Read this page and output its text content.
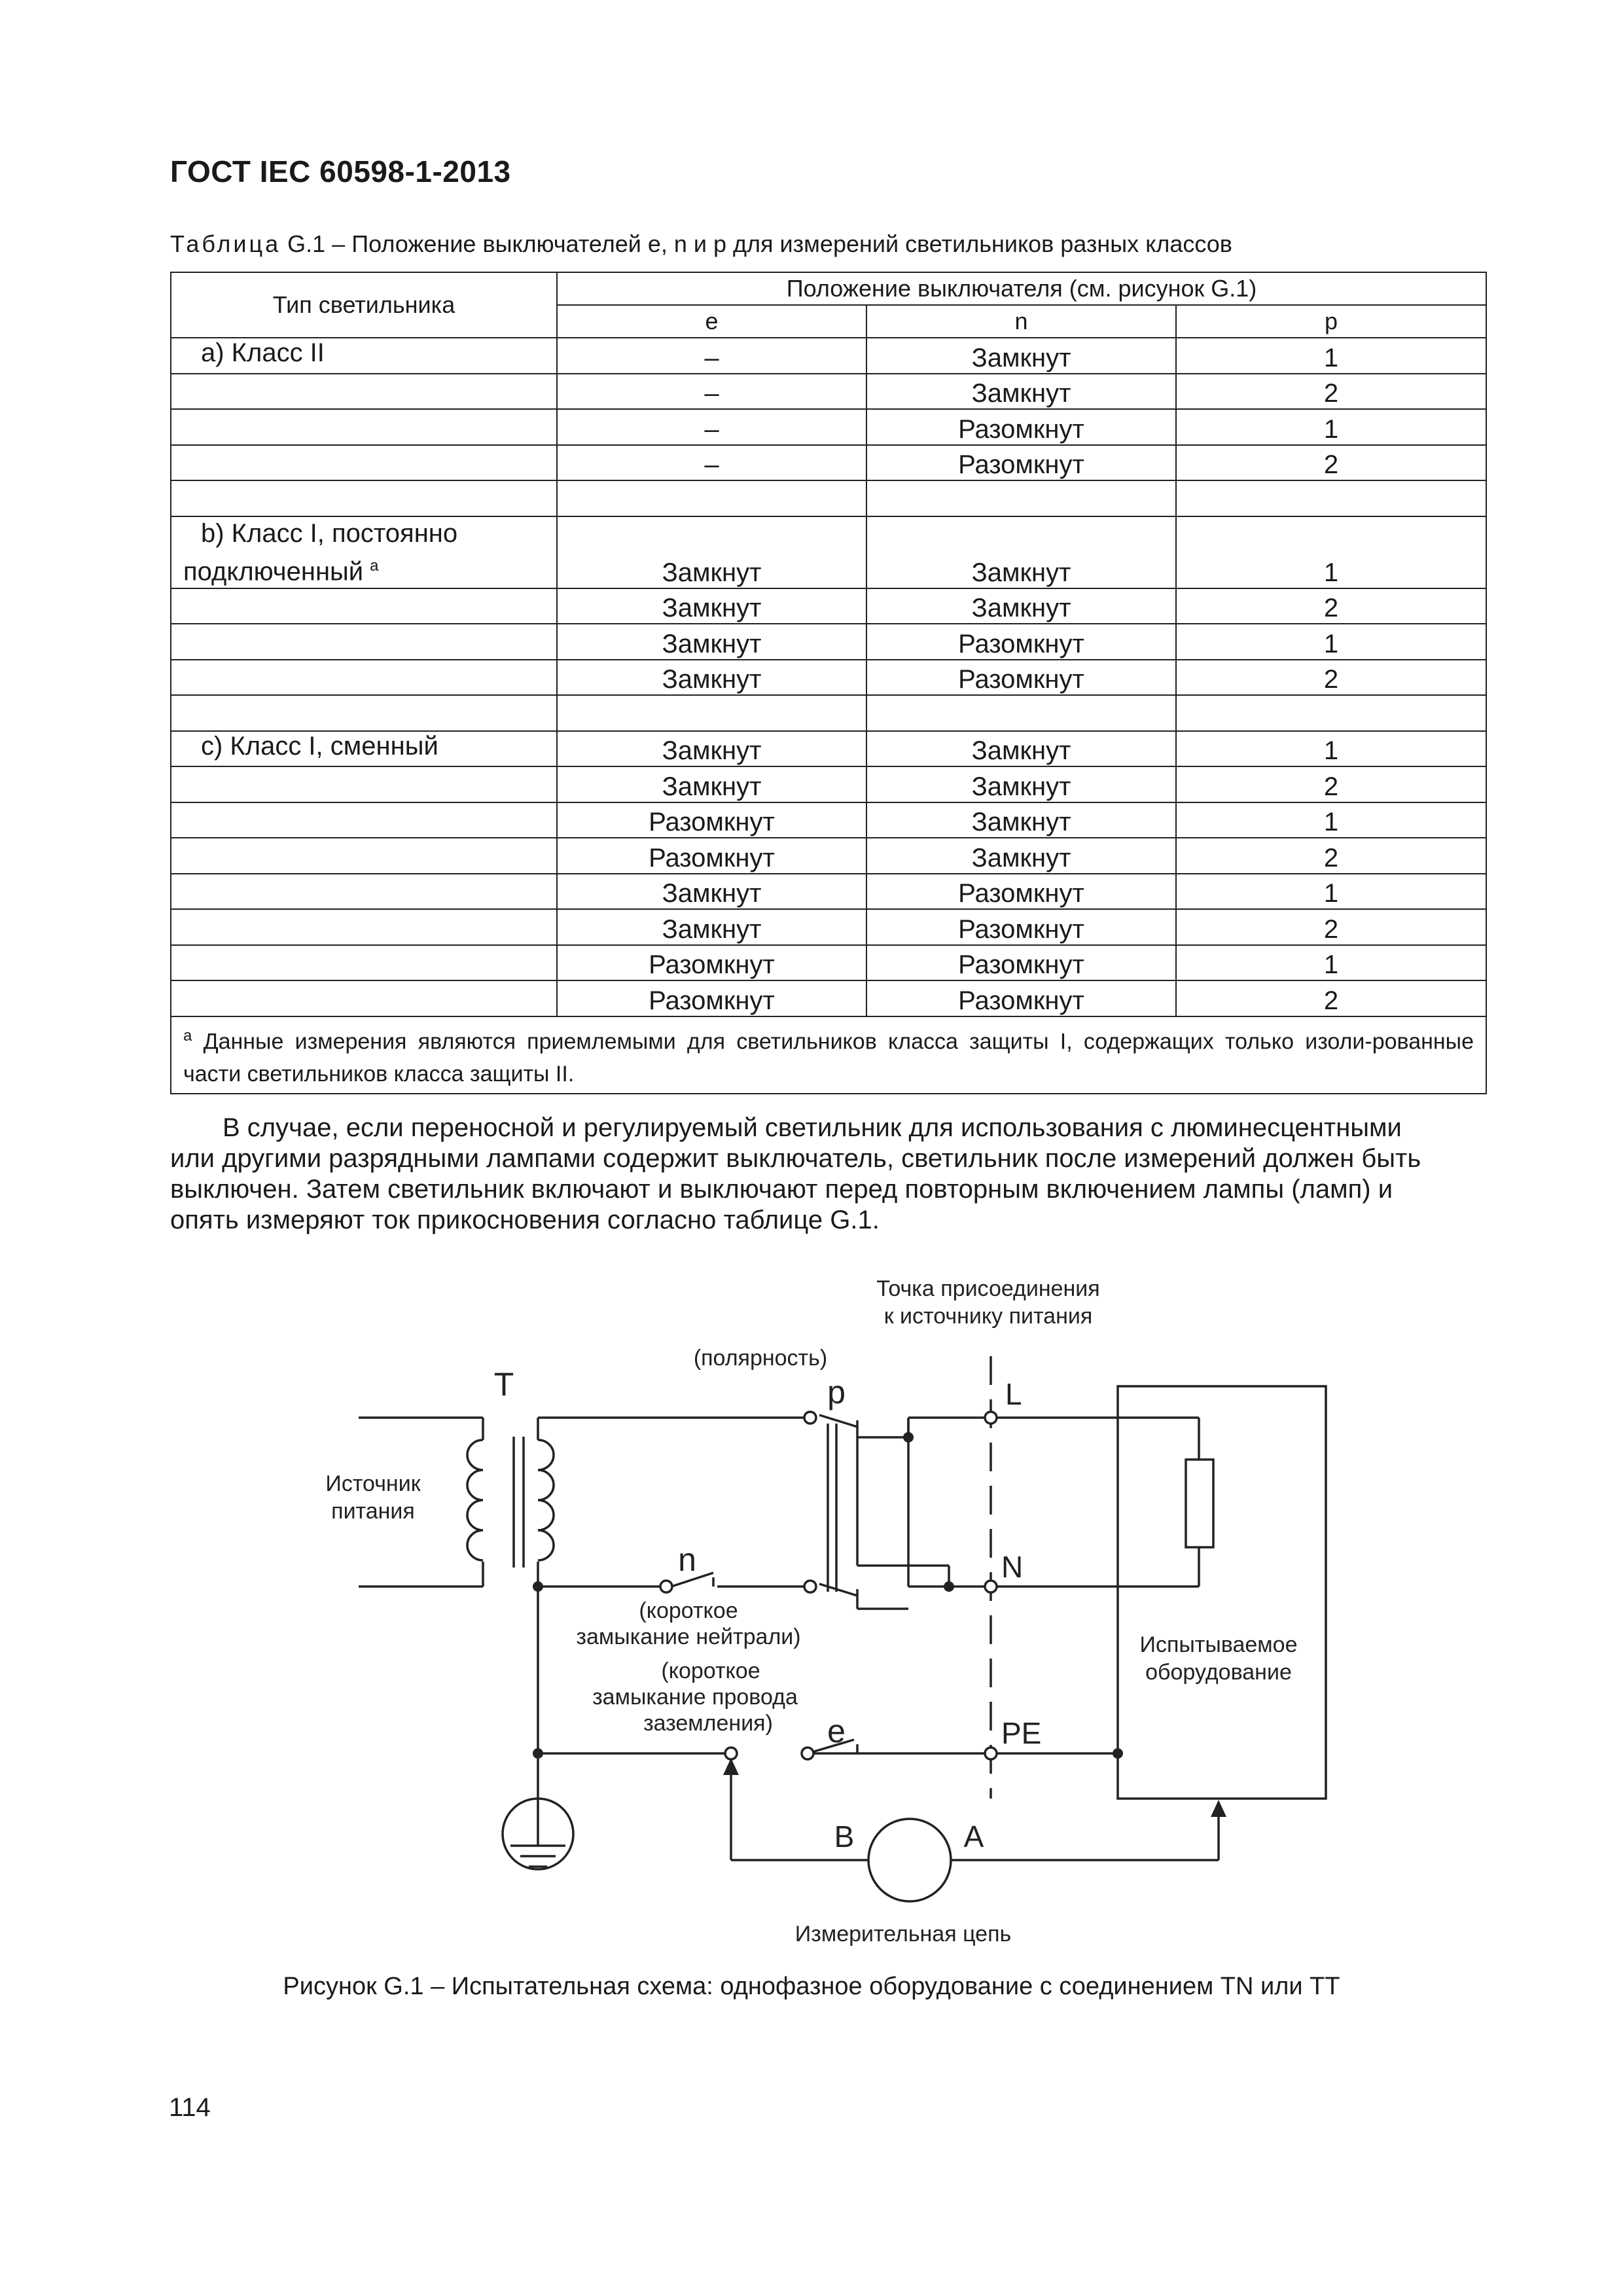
ГОСТ IEC 60598-1-2013
Таблица G.1 – Положение выключателей e, n и p для измерений светильников разных классов
Тип светильника	Положение выключателя (см. рисунок G.1)		
	e	n	p
а) Класс II	–	Замкнут	1
	–	Замкнут	2
	–	Разомкнут	1
	–	Разомкнут	2

b) Класс I, постоянно
подключенный $^a$	Замкнут	Замкнут	1
	Замкнут	Замкнут	2
	Замкнут	Разомкнут	1
	Замкнут	Разомкнут	2

с) Класс I, сменный	Замкнут	Замкнут	1
	Замкнут	Замкнут	2
	Разомкнут	Замкнут	1
	Разомкнут	Замкнут	2
	Замкнут	Разомкнут	1
	Замкнут	Разомкнут	2
	Разомкнут	Разомкнут	1
	Разомкнут	Разомкнут	2
$^a$ Данные измерения являются приемлемыми для светильников класса защиты I, содержащих только изоли-рованные части светильников класса защиты II.			
В случае, если переносной и регулируемый светильник для использования с люминесцентными
или другими разрядными лампами содержит выключатель, светильник после измерений должен быть
выключен. Затем светильник включают и выключают перед повторным включением лампы (ламп) и
опять измеряют ток прикосновения согласно таблице G.1.
Точка присоединения
к источнику питания
(полярность)
T	p
n
e
L
N
PE
Источник
питания
(короткое
замыкание нейтрали)
(короткое
замыкание провода
заземления)
Испытываемое
оборудование
B	A
Измерительная цепь
Рисунок G.1 – Испытательная схема: однофазное оборудование с соединением TN или TT
114
